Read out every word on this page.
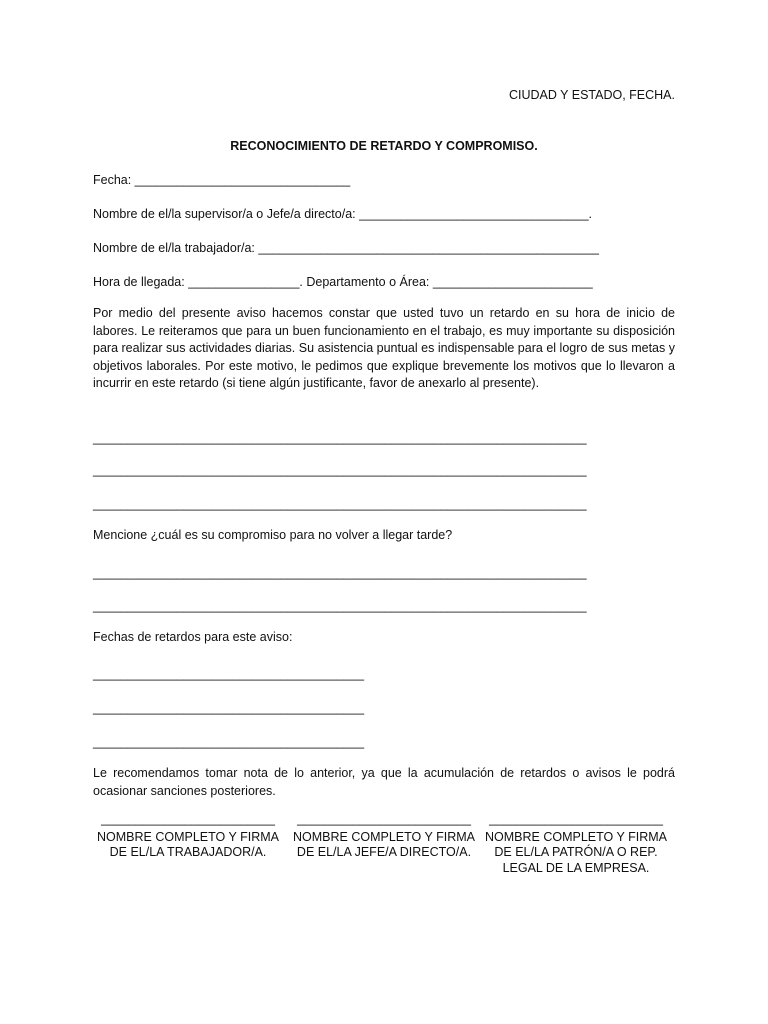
CIUDAD Y ESTADO, FECHA.

RECONOCIMIENTO DE RETARDO Y COMPROMISO.

Fecha: _______________________________

Nombre de el/la supervisor/a o Jefe/a directo/a: _________________________________.

Nombre de el/la trabajador/a: _________________________________________________

Hora de llegada: ________________. Departamento o Área: _______________________

Por medio del presente aviso hacemos constar que usted tuvo un retardo en su hora de inicio de labores. Le reiteramos que para un buen funcionamiento en el trabajo, es muy importante su disposición para realizar sus actividades diarias. Su asistencia puntual es indispensable para el logro de sus metas y objetivos laborales. Por este motivo, le pedimos que explique brevemente los motivos que lo llevaron a incurrir en este retardo (si tiene algún justificante, favor de anexarlo al presente).

_______________________________________________________________________

_______________________________________________________________________

_______________________________________________________________________

Mencione ¿cuál es su compromiso para no volver a llegar tarde?

_______________________________________________________________________

_______________________________________________________________________

Fechas de retardos para este aviso:

_______________________________________

_______________________________________

_______________________________________

Le recomendamos tomar nota de lo anterior, ya que la acumulación de retardos o avisos le podrá ocasionar sanciones posteriores.

_________________________
NOMBRE COMPLETO Y FIRMA
DE EL/LA TRABAJADOR/A.
_________________________
NOMBRE COMPLETO Y FIRMA
DE EL/LA JEFE/A DIRECTO/A.
_________________________
NOMBRE COMPLETO Y FIRMA
DE EL/LA PATRÓN/A O REP.
LEGAL DE LA EMPRESA.
